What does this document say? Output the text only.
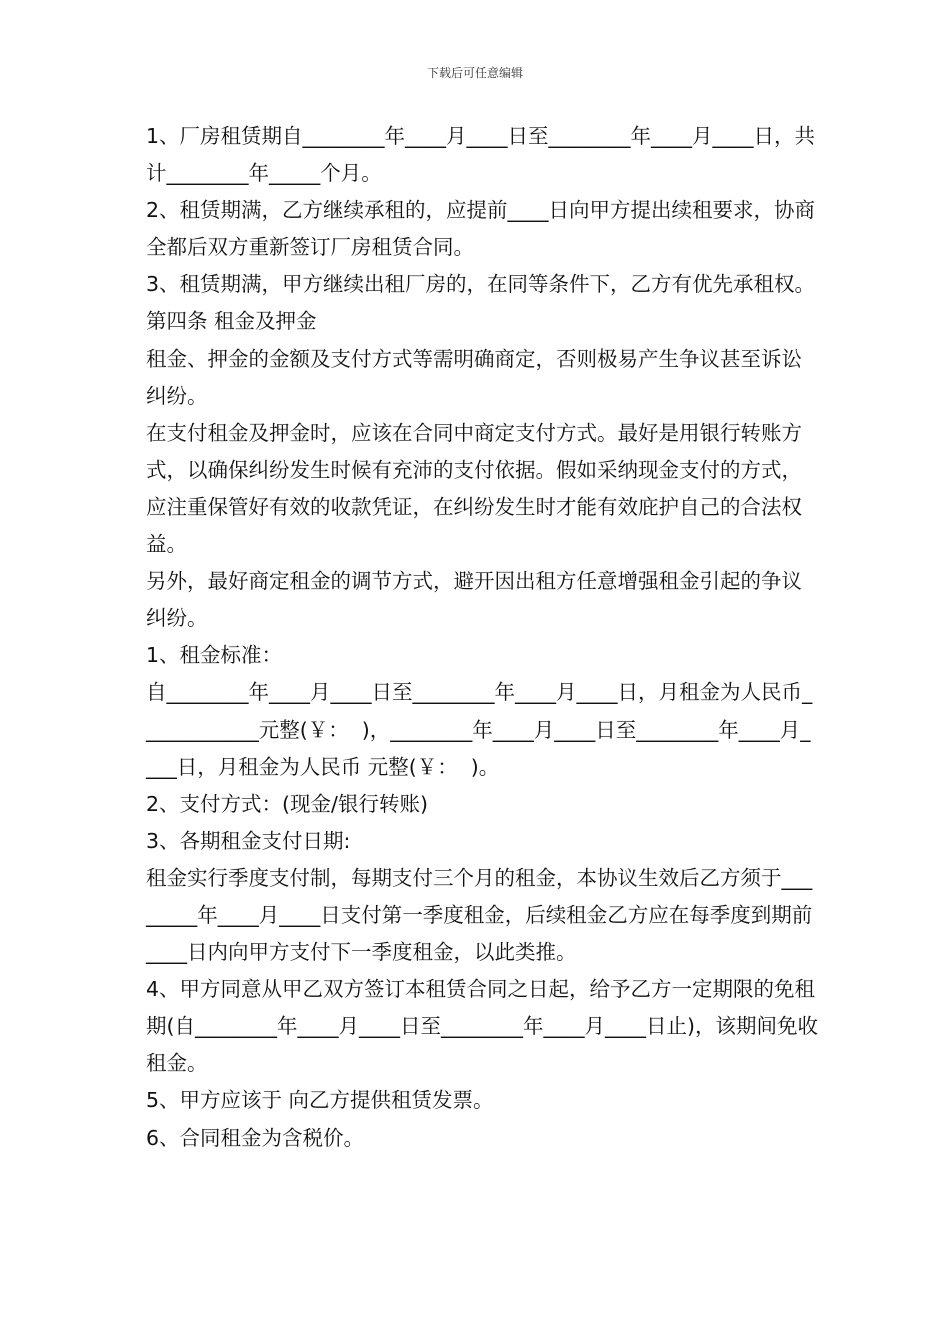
下载后可任意编辑

1、厂房租赁期自________年____月____日至________年____月____日，共计________年_____个月。

2、租赁期满，乙方继续承租的，应提前____日向甲方提出续租要求，协商全都后双方重新签订厂房租赁合同。

3、租赁期满，甲方继续出租厂房的，在同等条件下，乙方有优先承租权。

第四条 租金及押金

租金、押金的金额及支付方式等需明确商定，否则极易产生争议甚至诉讼纠纷。

在支付租金及押金时，应该在合同中商定支付方式。最好是用银行转账方式，以确保纠纷发生时候有充沛的支付依据。假如采纳现金支付的方式，应注重保管好有效的收款凭证，在纠纷发生时才能有效庇护自己的合法权益。

另外，最好商定租金的调节方式，避开因出租方任意增强租金引起的争议纠纷。

1、租金标准：

自________年____月____日至________年____月____日，月租金为人民币____________元整(￥：  )，________年____月____日至________年____月____日，月租金为人民币 元整(￥：  )。

2、支付方式：(现金/银行转账)

3、各期租金支付日期:

租金实行季度支付制，每期支付三个月的租金，本协议生效后乙方须于________年____月____日支付第一季度租金，后续租金乙方应在每季度到期前____日内向甲方支付下一季度租金，以此类推。

4、甲方同意从甲乙双方签订本租赁合同之日起，给予乙方一定期限的免租期(自________年____月____日至________年____月____日止)，该期间免收租金。

5、甲方应该于 向乙方提供租赁发票。

6、合同租金为含税价。
